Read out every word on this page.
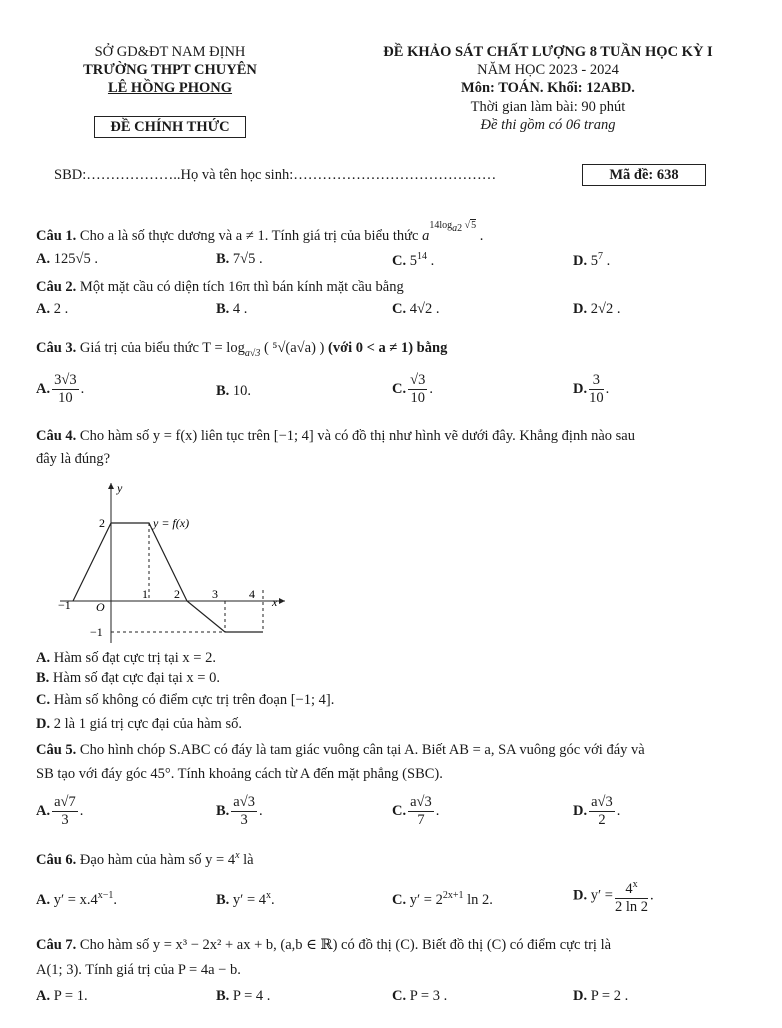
SỞ GD&ĐT NAM ĐỊNH
TRƯỜNG THPT CHUYÊN
LÊ HỒNG PHONG
ĐỀ CHÍNH THỨC
ĐỀ KHẢO SÁT CHẤT LƯỢNG 8 TUẦN HỌC KỲ I
NĂM HỌC 2023 - 2024
Môn: TOÁN. Khối: 12ABD.
Thời gian làm bài: 90 phút
Đề thi gồm có 06 trang
SBD:………………..Họ và tên học sinh:……………………………………	Mã đề: 638
Câu 1. Cho a là số thực dương và a ≠ 1. Tính giá trị của biểu thức $a^{14log_{a2} √5}$ .
A. 125√5 .	B. 7√5 .	C. $5^{14}$ .	D. $5^7$ .
Câu 2. Một mặt cầu có diện tích 16π thì bán kính mặt cầu bằng
A. 2 .	B. 4 .	C. 4√2 .	D. 2√2 .
Câu 3. Giá trị của biểu thức $T = \log_{a√3}$ ( ⁵√(a√a) ) (với 0 < a ≠ 1) bằng
A. $\frac{3√3}{10}$ .	B. 10.	C. $\frac{√3}{10}$ .	D. $\frac{3}{10}$ .
Câu 4. Cho hàm số y = f(x) liên tục trên [−1; 4] và có đồ thị như hình vẽ dưới đây. Khẳng định nào sau
đây là đúng?
y
x
y = f(x)
2
−1
−1 O
1 2	3	4
A. Hàm số đạt cực trị tại x = 2.
B. Hàm số đạt cực đại tại x = 0.
C. Hàm số không có điểm cực trị trên đoạn [−1; 4].
D. 2 là 1 giá trị cực đại của hàm số.
Câu 5. Cho hình chóp S.ABC có đáy là tam giác vuông cân tại A. Biết AB = a, SA vuông góc với đáy và
SB tạo với đáy góc 45°. Tính khoảng cách từ A đến mặt phẳng (SBC).
A. $\frac{a√7}{3}$ .	B. $\frac{a√3}{3}$ .	C. $\frac{a√3}{7}$ .	D. $\frac{a√3}{2}$ .
Câu 6. Đạo hàm của hàm số $y = 4^x$ là
A. $y' = x.4^{x-1}$.	B. $y' = 4^x$.	C. $y' = 2^{2x+1}$ ln 2.	D. $y' = \frac{4^x}{2 \ln 2}$ .
Câu 7. Cho hàm số y = x³ − 2x² + ax + b, (a,b ∈ ℝ) có đồ thị (C). Biết đồ thị (C) có điểm cực trị là
A(1; 3). Tính giá trị của P = 4a − b.
A. P = 1.	B. P = 4 .	C. P = 3 .	D. P = 2 .
